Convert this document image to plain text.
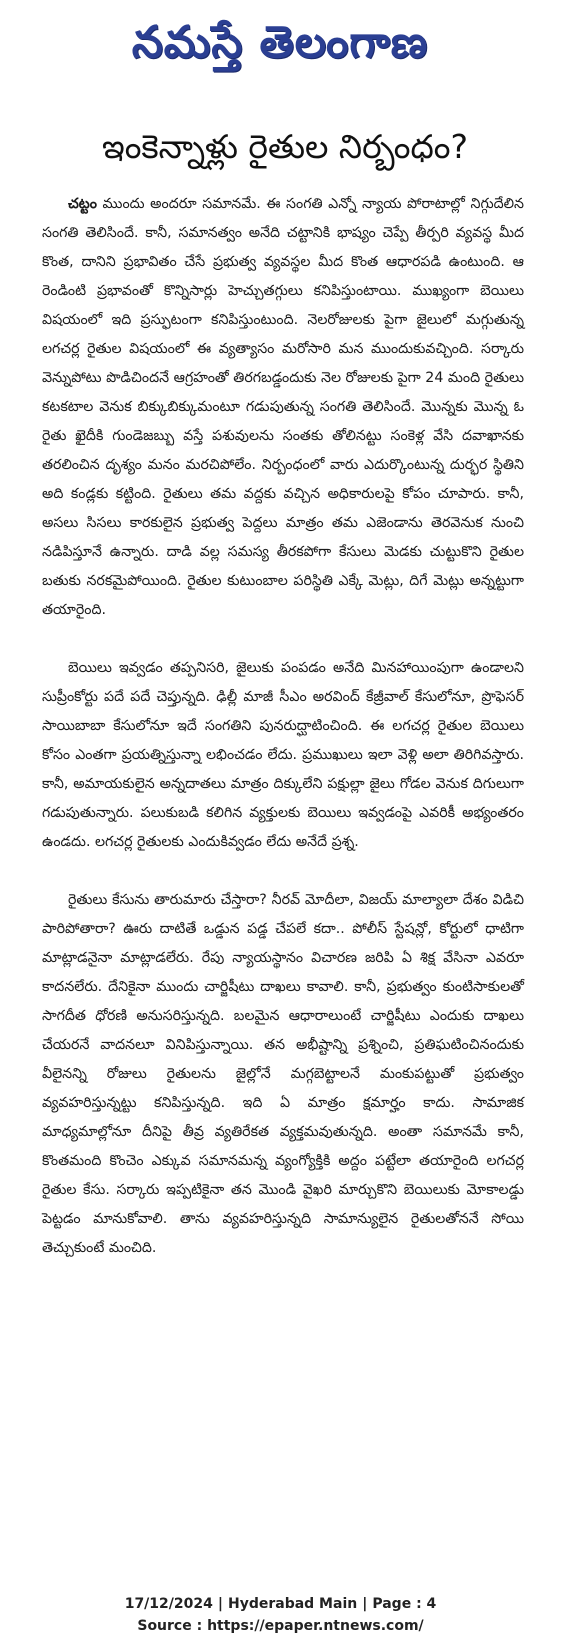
నమస్తే తెలంగాణ
ఇంకెన్నాళ్లు రైతుల నిర్బంధం?

చట్టం ముందు అందరూ సమానమే. ఈ సంగతి ఎన్నో న్యాయ పోరాటాల్లో నిగ్గుదేలిన సంగతి తెలిసిందే. కానీ, సమానత్వం అనేది చట్టానికి భాష్యం చెప్పే తీర్పరి వ్యవస్థ మీద కొంత, దానిని ప్రభావితం చేసే ప్రభుత్వ వ్యవస్థల మీద కొంత ఆధారపడి ఉంటుంది. ఆ రెండింటి ప్రభావంతో కొన్నిసార్లు హెచ్చుతగ్గులు కనిపిస్తుంటాయి. ముఖ్యంగా బెయిలు విషయంలో ఇది ప్రస్ఫుటంగా కనిపిస్తుంటుంది. నెలరోజులకు పైగా జైలులో మగ్గుతున్న లగచర్ల రైతుల విషయంలో ఈ వ్యత్యాసం మరోసారి మన ముందుకువచ్చింది. సర్కారు వెన్నుపోటు పొడిచిందనే ఆగ్రహంతో తిరగబడ్డందుకు నెల రోజులకు పైగా 24 మంది రైతులు కటకటాల వెనుక బిక్కుబిక్కుమంటూ గడుపుతున్న సంగతి తెలిసిందే. మొన్నకు మొన్న ఓ రైతు ఖైదీకి గుండెజబ్బు వస్తే పశువులను సంతకు తోలినట్టు సంకెళ్ల వేసి దవాఖానకు తరలించిన దృశ్యం మనం మరచిపోలేం. నిర్బంధంలో వారు ఎదుర్కొంటున్న దుర్భర స్థితిని అది కండ్లకు కట్టింది. రైతులు తమ వద్దకు వచ్చిన అధికారులపై కోపం చూపారు. కానీ, అసలు సిసలు కారకులైన ప్రభుత్వ పెద్దలు మాత్రం తమ ఎజెండాను తెరవెనుక నుంచి నడిపిస్తూనే ఉన్నారు. దాడి వల్ల సమస్య తీరకపోగా కేసులు మెడకు చుట్టుకొని రైతుల బతుకు నరకమైపోయింది. రైతుల కుటుంబాల పరిస్థితి ఎక్కే మెట్లు, దిగే మెట్లు అన్నట్టుగా తయారైంది.

బెయిలు ఇవ్వడం తప్పనిసరి, జైలుకు పంపడం అనేది మినహాయింపుగా ఉండాలని సుప్రీంకోర్టు పదే పదే చెప్తున్నది. ఢిల్లీ మాజీ సీఎం అరవింద్ కేజ్రీవాల్ కేసులోనూ, ప్రొఫెసర్ సాయిబాబా కేసులోనూ ఇదే సంగతిని పునరుద్ఘాటించింది. ఈ లగచర్ల రైతుల బెయిలు కోసం ఎంతగా ప్రయత్నిస్తున్నా లభించడం లేదు. ప్రముఖులు ఇలా వెళ్లి అలా తిరిగివస్తారు. కానీ, అమాయకులైన అన్నదాతలు మాత్రం దిక్కులేని పక్షుల్లా జైలు గోడల వెనుక దిగులుగా గడుపుతున్నారు. పలుకుబడి కలిగిన వ్యక్తులకు బెయిలు ఇవ్వడంపై ఎవరికీ అభ్యంతరం ఉండదు. లగచర్ల రైతులకు ఎందుకివ్వడం లేదు అనేదే ప్రశ్న.

రైతులు కేసును తారుమారు చేస్తారా? నీరవ్ మోదీలా, విజయ్ మాల్యాలా దేశం విడిచి పారిపోతారా? ఊరు దాటితే ఒడ్డున పడ్డ చేపలే కదా.. పోలీస్ స్టేషన్లో, కోర్టులో ధాటిగా మాట్లాడనైనా మాట్లాడలేరు. రేపు న్యాయస్థానం విచారణ జరిపి ఏ శిక్ష వేసినా ఎవరూ కాదనలేరు. దేనికైనా ముందు చార్జిషీటు దాఖలు కావాలి. కానీ, ప్రభుత్వం కుంటిసాకులతో సాగదీత ధోరణి అనుసరిస్తున్నది. బలమైన ఆధారాలుంటే చార్జిషీటు ఎందుకు దాఖలు చేయరనే వాదనలూ వినిపిస్తున్నాయి. తన అభీష్టాన్ని ప్రశ్నించి, ప్రతిఘటించినందుకు వీలైనన్ని రోజులు రైతులను జైల్లోనే మగ్గబెట్టాలనే మంకుపట్టుతో ప్రభుత్వం వ్యవహరిస్తున్నట్టు కనిపిస్తున్నది. ఇది ఏ మాత్రం క్షమార్హం కాదు. సామాజిక మాధ్యమాల్లోనూ దీనిపై తీవ్ర వ్యతిరేకత వ్యక్తమవుతున్నది. అంతా సమానమే కానీ, కొంతమంది కొంచెం ఎక్కువ సమానమన్న వ్యంగ్యోక్తికి అద్దం పట్టేలా తయారైంది లగచర్ల రైతుల కేసు. సర్కారు ఇప్పటికైనా తన మొండి వైఖరి మార్చుకొని బెయిలుకు మోకాలడ్డు పెట్టడం మానుకోవాలి. తాను వ్యవహరిస్తున్నది సామాన్యులైన రైతులతోననే సోయి తెచ్చుకుంటే మంచిది.

17/12/2024 | Hyderabad Main | Page : 4
Source : https://epaper.ntnews.com/
